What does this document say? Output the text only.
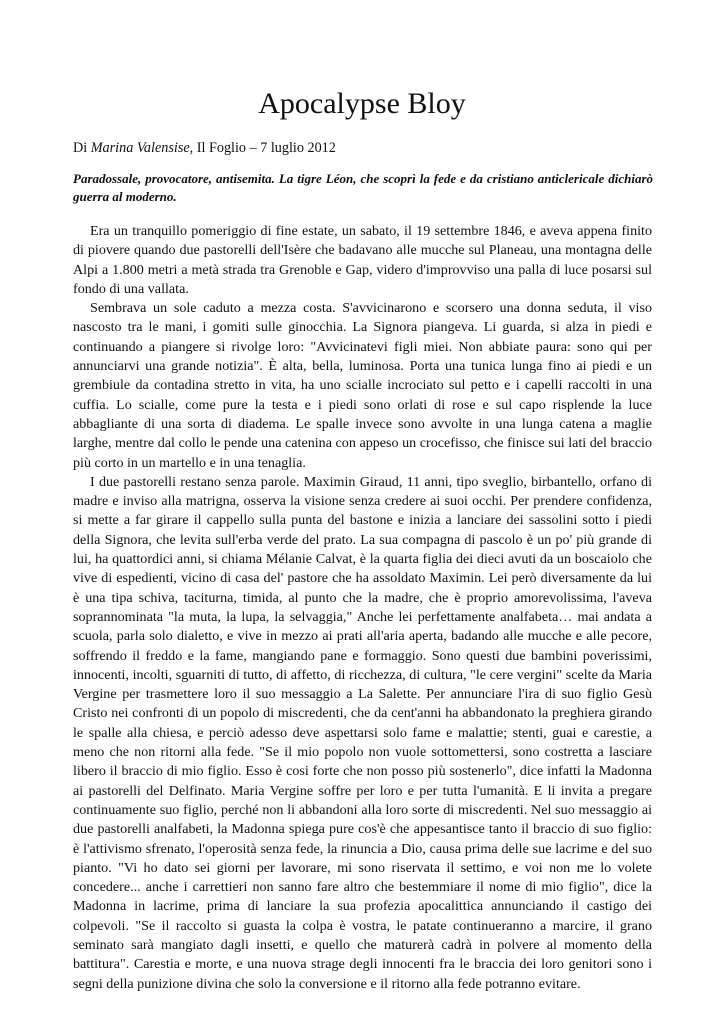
Apocalypse Bloy

Di Marina Valensise, Il Foglio – 7 luglio 2012

Paradossale, provocatore, antisemita. La tigre Léon, che scoprì la fede e da cristiano anticlericale dichiarò guerra al moderno.

Era un tranquillo pomeriggio di fine estate, un sabato, il 19 settembre 1846, e aveva appena finito di piovere quando due pastorelli dell'Isère che badavano alle mucche sul Planeau, una montagna delle Alpi a 1.800 metri a metà strada tra Grenoble e Gap, videro d'improvviso una palla di luce posarsi sul fondo di una vallata.

Sembrava un sole caduto a mezza costa. S'avvicinarono e scorsero una donna seduta, il viso nascosto tra le mani, i gomiti sulle ginocchia. La Signora piangeva. Li guarda, si alza in piedi e continuando a piangere si rivolge loro: "Avvicinatevi figli miei. Non abbiate paura: sono qui per annunciarvi una grande notizia". È alta, bella, luminosa. Porta una tunica lunga fino ai piedi e un grembiule da contadina stretto in vita, ha uno scialle incrociato sul petto e i capelli raccolti in una cuffia. Lo scialle, come pure la testa e i piedi sono orlati di rose e sul capo risplende la luce abbagliante di una sorta di diadema. Le spalle invece sono avvolte in una lunga catena a maglie larghe, mentre dal collo le pende una catenina con appeso un crocefisso, che finisce sui lati del braccio più corto in un martello e in una tenaglia.

I due pastorelli restano senza parole. Maximin Giraud, 11 anni, tipo sveglio, birbantello, orfano di madre e inviso alla matrigna, osserva la visione senza credere ai suoi occhi. Per prendere confidenza, si mette a far girare il cappello sulla punta del bastone e inizia a lanciare dei sassolini sotto i piedi della Signora, che levita sull'erba verde del prato. La sua compagna di pascolo è un po' più grande di lui, ha quattordici anni, si chiama Mélanie Calvat, è la quarta figlia dei dieci avuti da un boscaiolo che vive di espedienti, vicino di casa del' pastore che ha assoldato Maximin. Lei però diversamente da lui è una tipa schiva, taciturna, timida, al punto che la madre, che è proprio amorevolissima, l'aveva soprannominata "la muta, la lupa, la selvaggia," Anche lei perfettamente analfabeta… mai andata a scuola, parla solo dialetto, e vive in mezzo ai prati all'aria aperta, badando alle mucche e alle pecore, soffrendo il freddo e la fame, mangiando pane e formaggio. Sono questi due bambini poverissimi, innocenti, incolti, sguarniti di tutto, di affetto, di ricchezza, di cultura, "le cere vergini" scelte da Maria Vergine per trasmettere loro il suo messaggio a La Salette. Per annunciare l'ira di suo figlio Gesù Cristo nei confronti di un popolo di miscredenti, che da cent'anni ha abbandonato la preghiera girando le spalle alla chiesa, e perciò adesso deve aspettarsi solo fame e malattie; stenti, guai e carestie, a meno che non ritorni alla fede. "Se il mio popolo non vuole sottomettersi, sono costretta a lasciare libero il braccio di mio figlio. Esso è cosi forte che non posso più sostenerlo", dice infatti la Madonna ai pastorelli del Delfinato. Maria Vergine soffre per loro e per tutta l'umanità. E li invita a pregare continuamente suo figlio, perché non li abbandoni alla loro sorte di miscredenti. Nel suo messaggio ai due pastorelli analfabeti, la Madonna spiega pure cos'è che appesantisce tanto il braccio di suo figlio: è l'attivismo sfrenato, l'operosità senza fede, la rinuncia a Dio, causa prima delle sue lacrime e del suo pianto. "Vi ho dato sei giorni per lavorare, mi sono riservata il settimo, e voi non me lo volete concedere... anche i carrettieri non sanno fare altro che bestemmiare il nome di mio figlio", dice la Madonna in lacrime, prima di lanciare la sua profezia apocalittica annunciando il castigo dei colpevoli. "Se il raccolto si guasta la colpa è vostra, le patate continueranno a marcire, il grano seminato sarà mangiato dagli insetti, e quello che maturerà cadrà in polvere al momento della battitura". Carestia e morte, e una nuova strage degli innocenti fra le braccia dei loro genitori sono i segni della punizione divina che solo la conversione e il ritorno alla fede potranno evitare.
